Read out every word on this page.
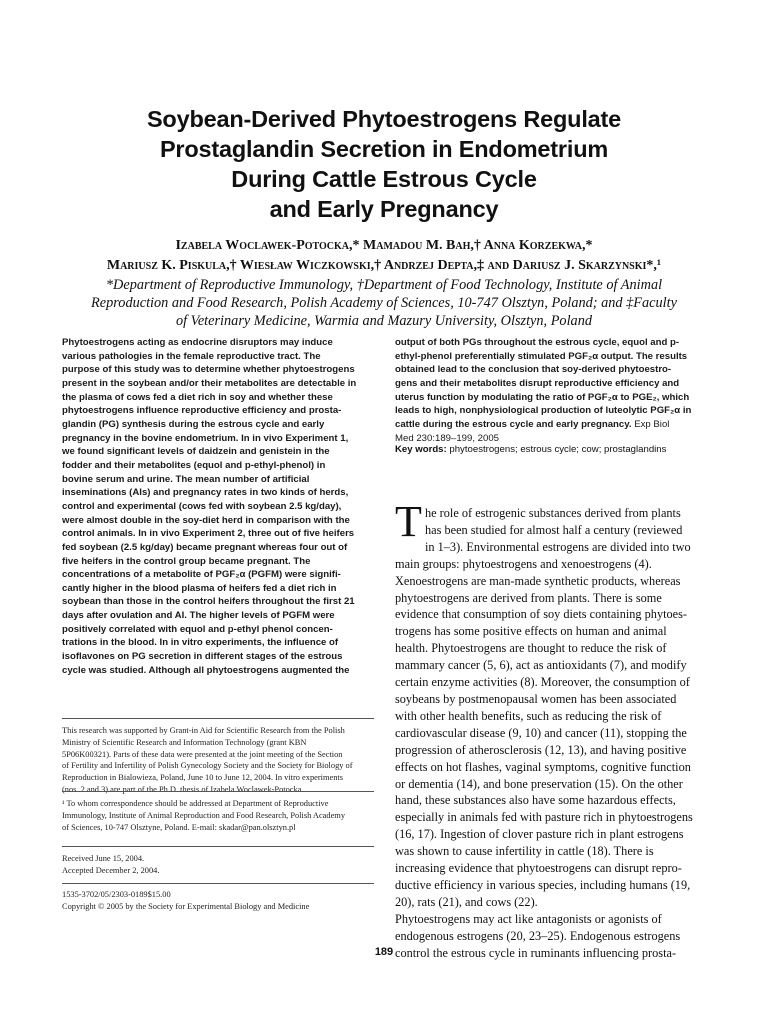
Soybean-Derived Phytoestrogens Regulate
Prostaglandin Secretion in Endometrium
During Cattle Estrous Cycle
and Early Pregnancy
Izabela Woclawek-Potocka,* Mamadou M. Bah,† Anna Korzekwa,*
Mariusz K. Piskula,† Wiesław Wiczkowski,† Andrzej Depta,‡ and Dariusz J. Skarzynski*,¹
*Department of Reproductive Immunology, †Department of Food Technology, Institute of Animal
Reproduction and Food Research, Polish Academy of Sciences, 10-747 Olsztyn, Poland; and ‡Faculty
of Veterinary Medicine, Warmia and Mazury University, Olsztyn, Poland
Phytoestrogens acting as endocrine disruptors may induce
various pathologies in the female reproductive tract. The
purpose of this study was to determine whether phytoestrogens
present in the soybean and/or their metabolites are detectable in
the plasma of cows fed a diet rich in soy and whether these
phytoestrogens influence reproductive efficiency and prosta-
glandin (PG) synthesis during the estrous cycle and early
pregnancy in the bovine endometrium. In in vivo Experiment 1,
we found significant levels of daidzein and genistein in the
fodder and their metabolites (equol and p-ethyl-phenol) in
bovine serum and urine. The mean number of artificial
inseminations (AIs) and pregnancy rates in two kinds of herds,
control and experimental (cows fed with soybean 2.5 kg/day),
were almost double in the soy-diet herd in comparison with the
control animals. In in vivo Experiment 2, three out of five heifers
fed soybean (2.5 kg/day) became pregnant whereas four out of
five heifers in the control group became pregnant. The
concentrations of a metabolite of PGF₂α (PGFM) were signifi-
cantly higher in the blood plasma of heifers fed a diet rich in
soybean than those in the control heifers throughout the first 21
days after ovulation and AI. The higher levels of PGFM were
positively correlated with equol and p-ethyl phenol concen-
trations in the blood. In in vitro experiments, the influence of
isoflavones on PG secretion in different stages of the estrous
cycle was studied. Although all phytoestrogens augmented the
output of both PGs throughout the estrous cycle, equol and p-
ethyl-phenol preferentially stimulated PGF₂α output. The results
obtained lead to the conclusion that soy-derived phytoestro-
gens and their metabolites disrupt reproductive efficiency and
uterus function by modulating the ratio of PGF₂α to PGE₂, which
leads to high, nonphysiological production of luteolytic PGF₂α in
cattle during the estrous cycle and early pregnancy. Exp Biol
Med 230:189–199, 2005
Key words: phytoestrogens; estrous cycle; cow; prostaglandins
T he role of estrogenic substances derived from plants
has been studied for almost half a century (reviewed
in 1–3). Environmental estrogens are divided into two
main groups: phytoestrogens and xenoestrogens (4).
Xenoestrogens are man-made synthetic products, whereas
phytoestrogens are derived from plants. There is some
evidence that consumption of soy diets containing phytoes-
trogens has some positive effects on human and animal
health. Phytoestrogens are thought to reduce the risk of
mammary cancer (5, 6), act as antioxidants (7), and modify
certain enzyme activities (8). Moreover, the consumption of
soybeans by postmenopausal women has been associated
with other health benefits, such as reducing the risk of
cardiovascular disease (9, 10) and cancer (11), stopping the
progression of atherosclerosis (12, 13), and having positive
effects on hot flashes, vaginal symptoms, cognitive function
or dementia (14), and bone preservation (15). On the other
hand, these substances also have some hazardous effects,
especially in animals fed with pasture rich in phytoestrogens
(16, 17). Ingestion of clover pasture rich in plant estrogens
was shown to cause infertility in cattle (18). There is
increasing evidence that phytoestrogens can disrupt repro-
ductive efficiency in various species, including humans (19,
20), rats (21), and cows (22).
Phytoestrogens may act like antagonists or agonists of
endogenous estrogens (20, 23–25). Endogenous estrogens
control the estrous cycle in ruminants influencing prosta-
This research was supported by Grant-in Aid for Scientific Research from the Polish
Ministry of Scientific Research and Information Technology (grant KBN
5P06K00321). Parts of these data were presented at the joint meeting of the Section
of Fertility and Infertility of Polish Gynecology Society and the Society for Biology of
Reproduction in Bialowieza, Poland, June 10 to June 12, 2004. In vitro experiments
(nos. 2 and 3) are part of the Ph.D. thesis of Izabela Woclawek-Potocka.
¹ To whom correspondence should be addressed at Department of Reproductive
Immunology, Institute of Animal Reproduction and Food Research, Polish Academy
of Sciences, 10-747 Olsztyne, Poland. E-mail: skadar@pan.olsztyn.pl
Received June 15, 2004.
Accepted December 2, 2004.
1535-3702/05/2303-0189$15.00
Copyright © 2005 by the Society for Experimental Biology and Medicine
189
